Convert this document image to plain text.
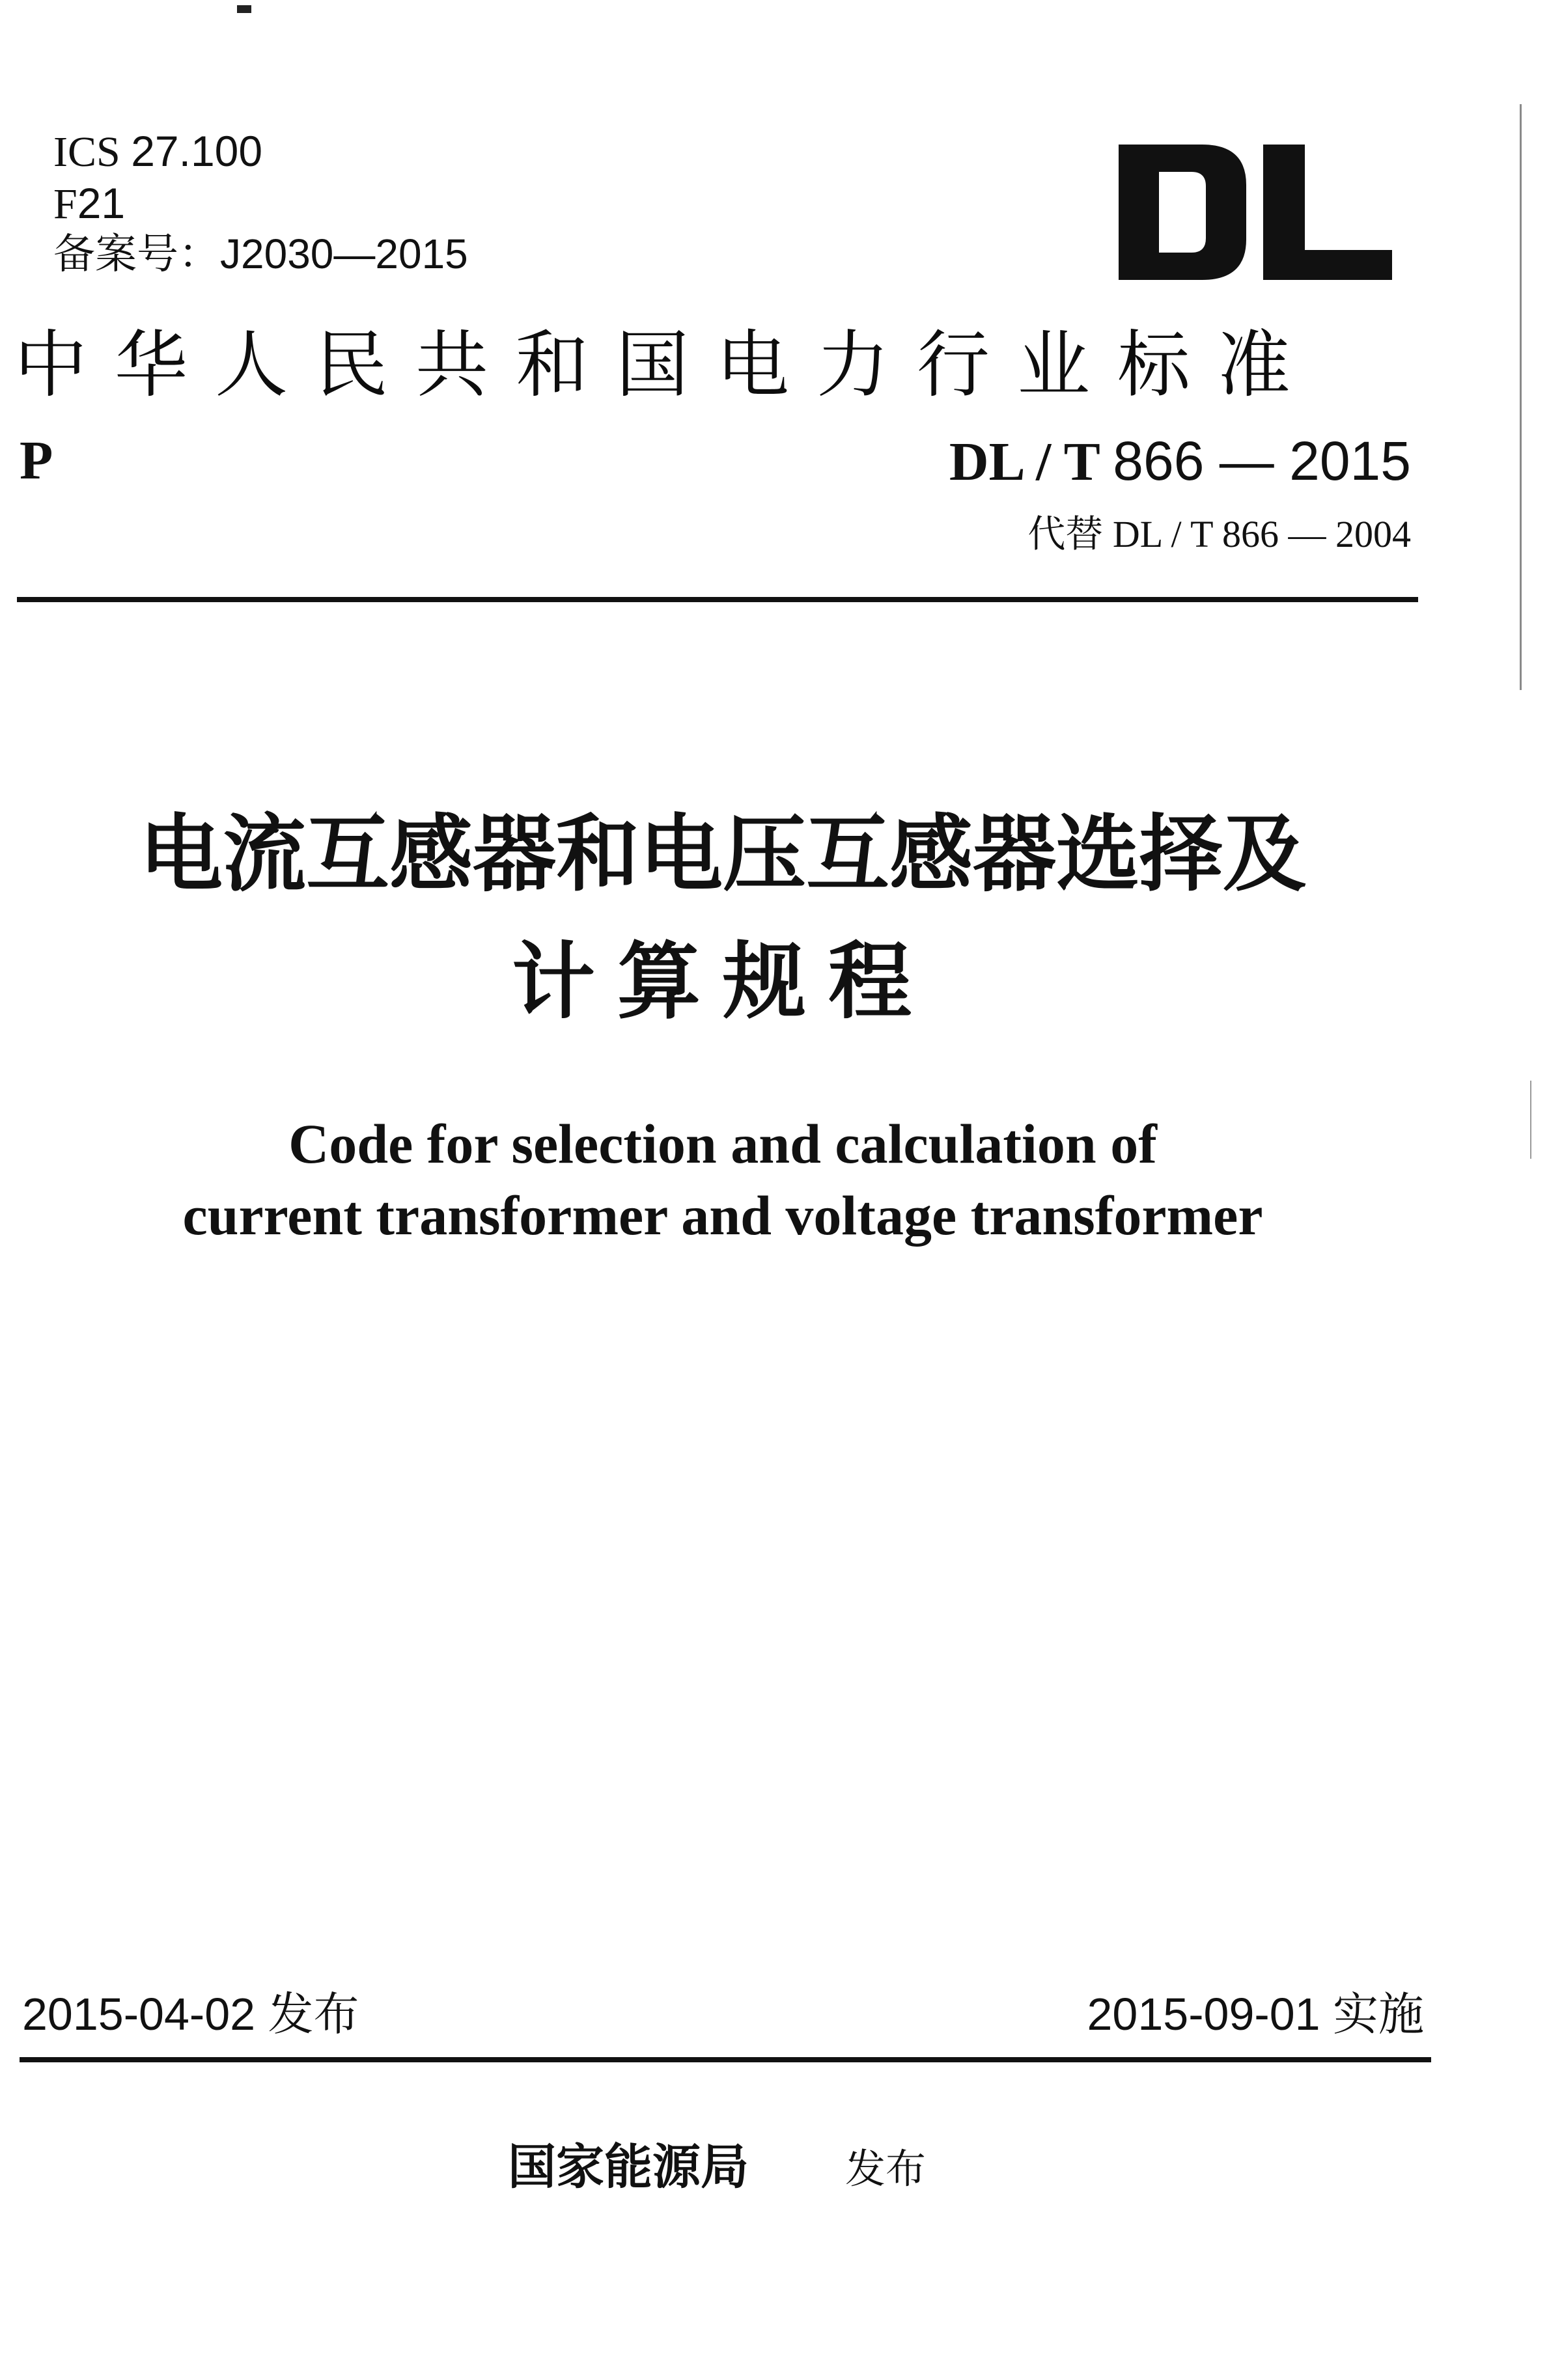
ICS 27.100
F21
备案号：J2030—2015
中华人民共和国电力行业标准
P	DL / T 866 — 2015
代替 DL / T 866 — 2004
电流互感器和电压互感器选择及
计算规程
Code for selection and calculation of
current transformer and voltage transformer
2015-04-02 发布	2015-09-01 实施
国家能源局 发布
